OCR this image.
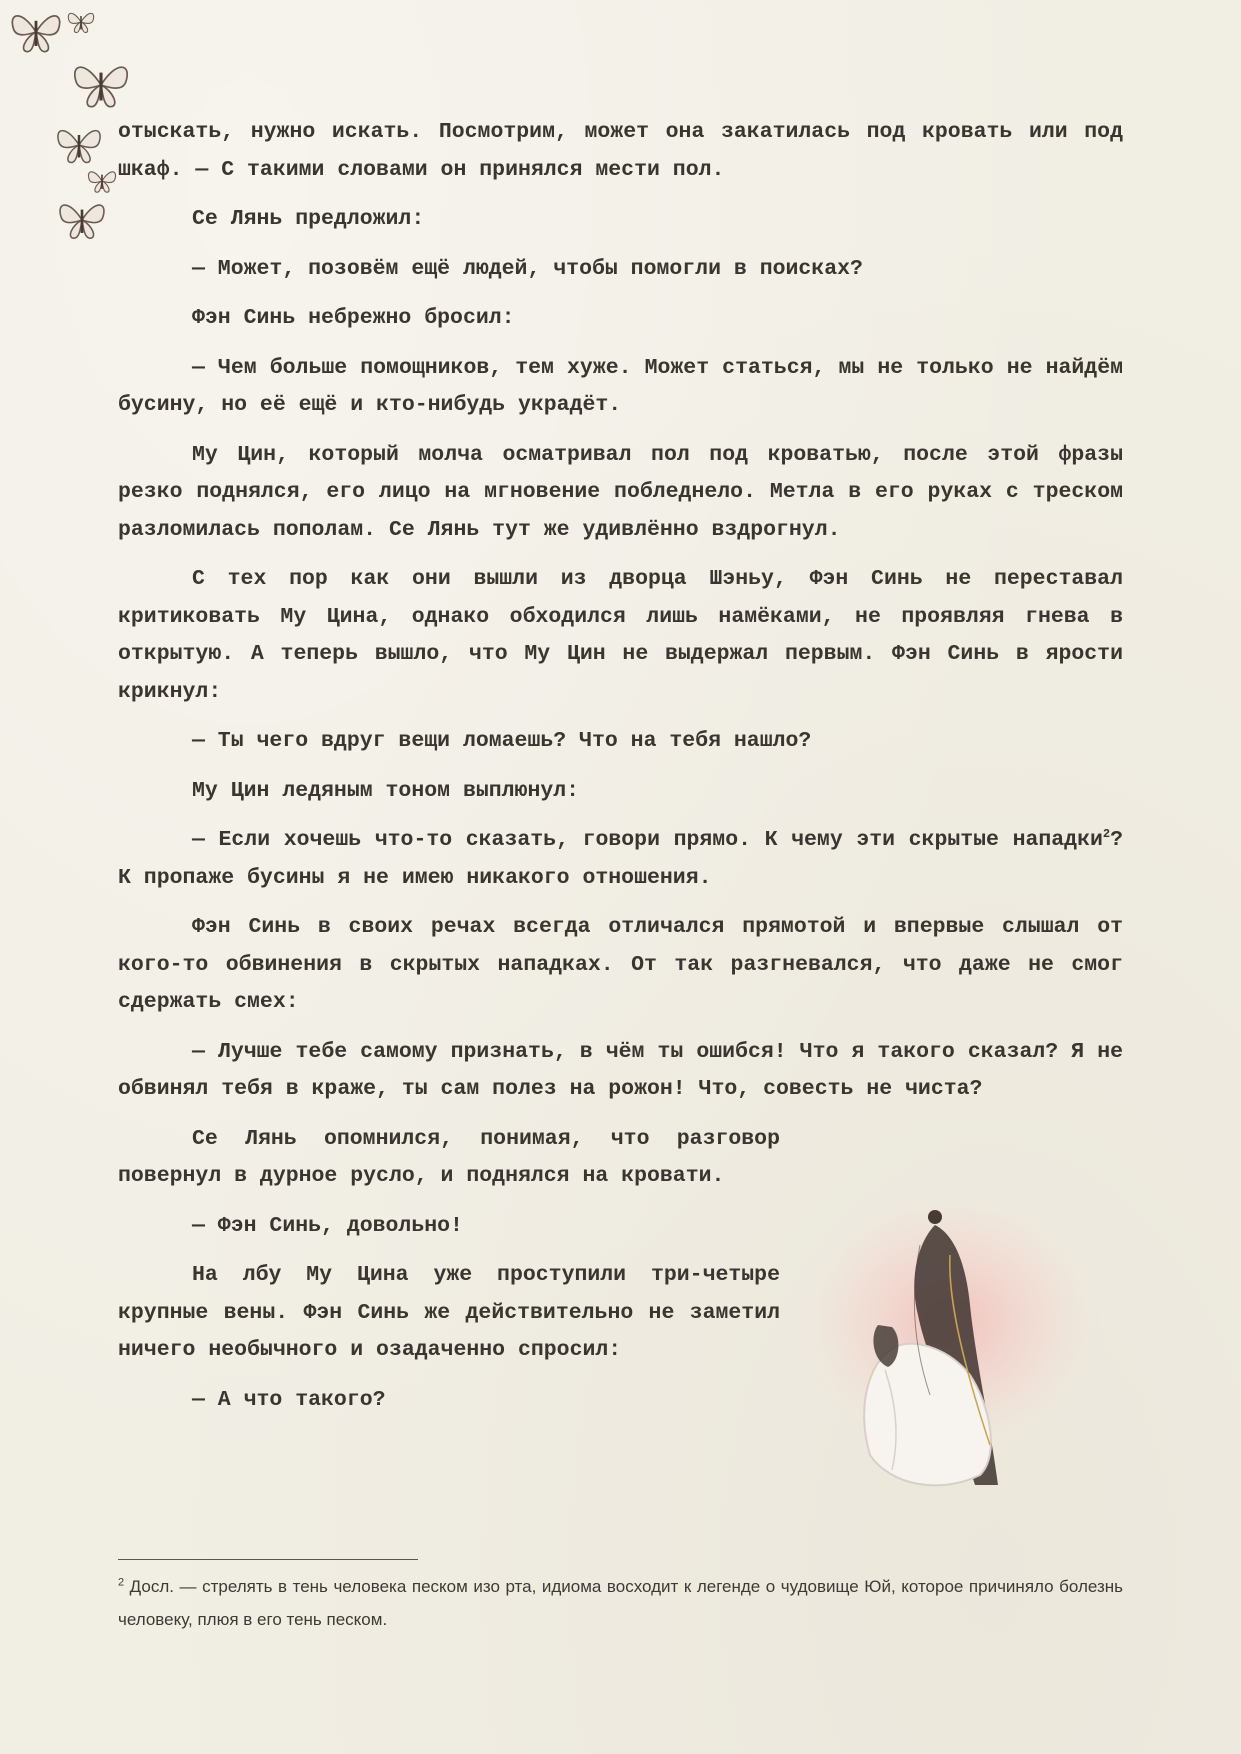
отыскать, нужно искать. Посмотрим, может она закатилась под кровать или под шкаф. — С такими словами он принялся мести пол.

Се Лянь предложил:

— Может, позовём ещё людей, чтобы помогли в поисках?

Фэн Синь небрежно бросил:

— Чем больше помощников, тем хуже. Может статься, мы не только не найдём бусину, но её ещё и кто-нибудь украдёт.

Му Цин, который молча осматривал пол под кроватью, после этой фразы резко поднялся, его лицо на мгновение побледнело. Метла в его руках с треском разломилась пополам. Се Лянь тут же удивлённо вздрогнул.

С тех пор как они вышли из дворца Шэньу, Фэн Синь не переставал критиковать Му Цина, однако обходился лишь намёками, не проявляя гнева в открытую. А теперь вышло, что Му Цин не выдержал первым. Фэн Синь в ярости крикнул:

— Ты чего вдруг вещи ломаешь? Что на тебя нашло?

Му Цин ледяным тоном выплюнул:

— Если хочешь что-то сказать, говори прямо. К чему эти скрытые нападки$^2$? К пропаже бусины я не имею никакого отношения.

Фэн Синь в своих речах всегда отличался прямотой и впервые слышал от кого-то обвинения в скрытых нападках. От так разгневался, что даже не смог сдержать смех:

— Лучше тебе самому признать, в чём ты ошибся! Что я такого сказал? Я не обвинял тебя в краже, ты сам полез на рожон! Что, совесть не чиста?

Се Лянь опомнился, понимая, что разговор повернул в дурное русло, и поднялся на кровати.

— Фэн Синь, довольно!

На лбу Му Цина уже проступили три-четыре крупные вены. Фэн Синь же действительно не заметил ничего необычного и озадаченно спросил:

— А что такого?

$^2$ Досл. — стрелять в тень человека песком изо рта, идиома восходит к легенде о чудовище Юй, которое причиняло болезнь человеку, плюя в его тень песком.
